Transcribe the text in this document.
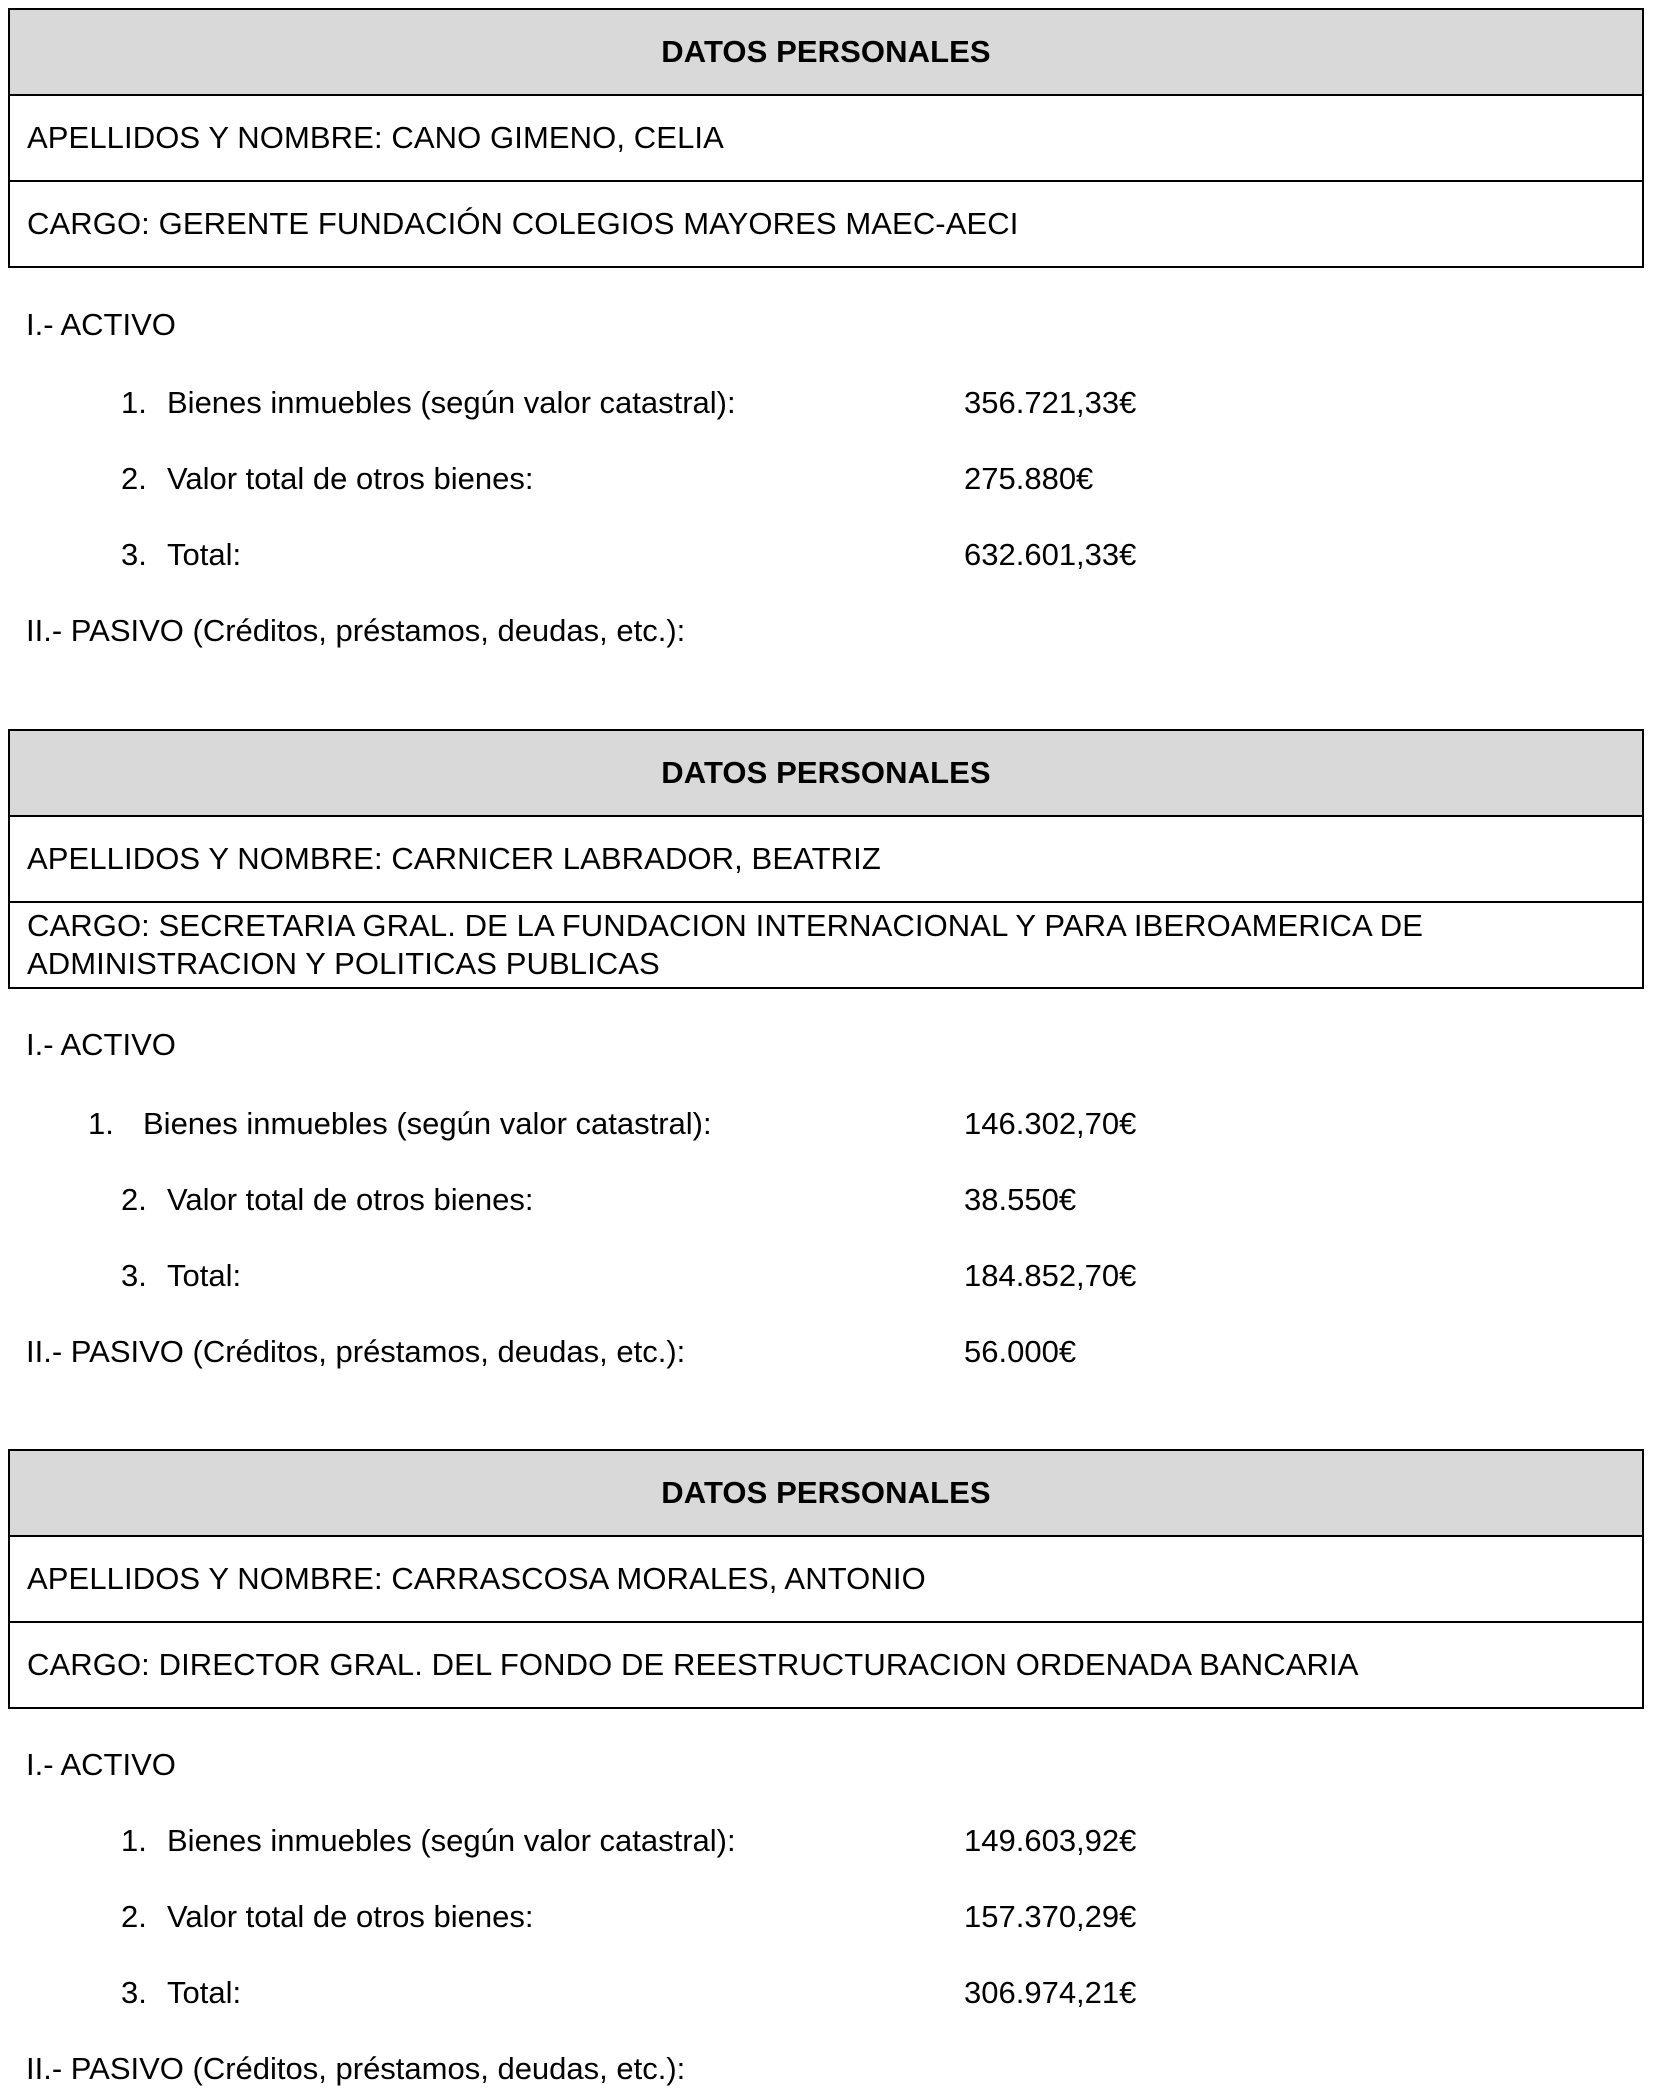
DATOS PERSONALES
APELLIDOS Y NOMBRE: CANO GIMENO, CELIA
CARGO: GERENTE FUNDACIÓN COLEGIOS MAYORES MAEC-AECI
I.- ACTIVO
1. Bienes inmuebles (según valor catastral):	356.721,33€
2. Valor total de otros bienes:	275.880€
3. Total:	632.601,33€
II.- PASIVO (Créditos, préstamos, deudas, etc.):
DATOS PERSONALES
APELLIDOS Y NOMBRE: CARNICER LABRADOR, BEATRIZ
CARGO: SECRETARIA GRAL. DE LA FUNDACION INTERNACIONAL Y PARA IBEROAMERICA DE
ADMINISTRACION Y POLITICAS PUBLICAS
I.- ACTIVO
1. Bienes inmuebles (según valor catastral):	146.302,70€
2. Valor total de otros bienes:	38.550€
3. Total:	184.852,70€
II.- PASIVO (Créditos, préstamos, deudas, etc.):	56.000€
DATOS PERSONALES
APELLIDOS Y NOMBRE: CARRASCOSA MORALES, ANTONIO
CARGO: DIRECTOR GRAL. DEL FONDO DE REESTRUCTURACION ORDENADA BANCARIA
I.- ACTIVO
1. Bienes inmuebles (según valor catastral):	149.603,92€
2. Valor total de otros bienes:	157.370,29€
3. Total:	306.974,21€
II.- PASIVO (Créditos, préstamos, deudas, etc.):
